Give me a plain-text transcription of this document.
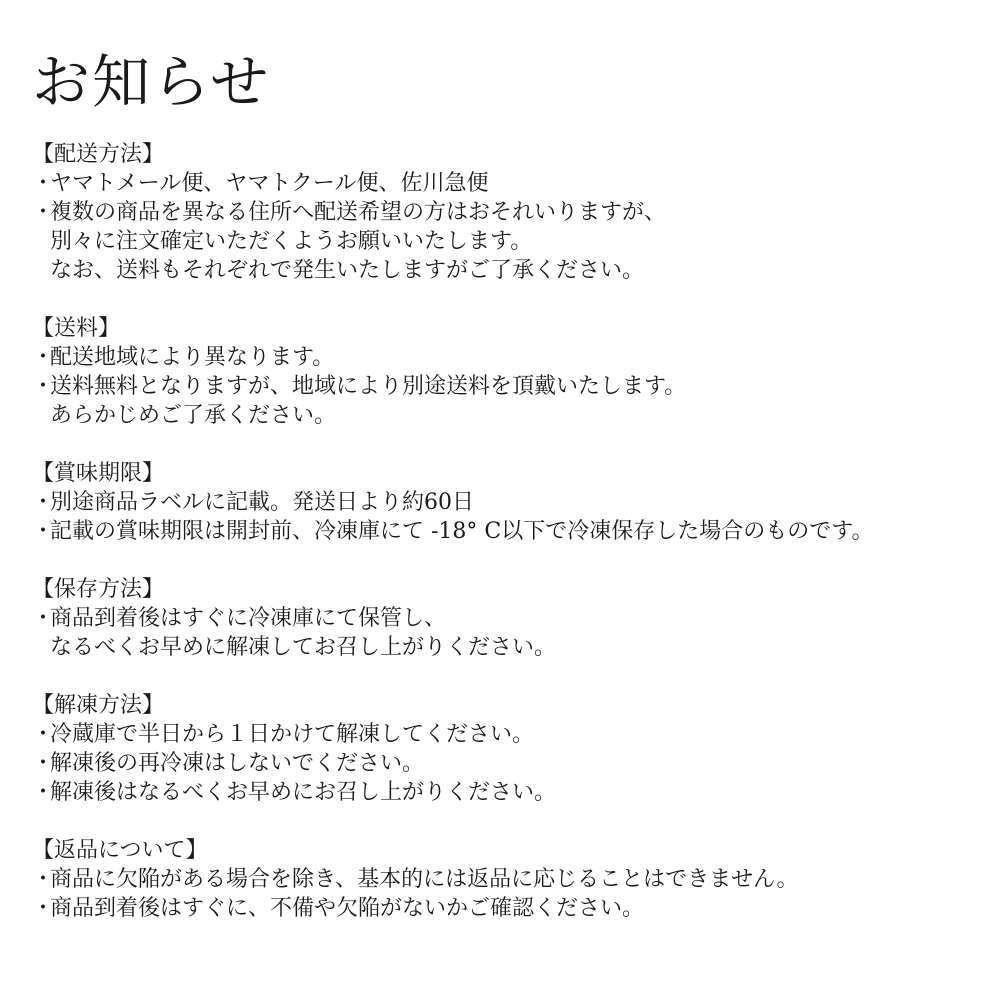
お知らせ
【配送方法】
・ヤマトメール便、ヤマトクール便、佐川急便
・複数の商品を異なる住所へ配送希望の方はおそれいりますが、
別々に注文確定いただくようお願いいたします。
なお、送料もそれぞれで発生いたしますがご了承ください。
【送料】
・配送地域により異なります。
・送料無料となりますが、地域により別途送料を頂戴いたします。
あらかじめご了承ください。
【賞味期限】
・別途商品ラベルに記載。発送日より約60日
・記載の賞味期限は開封前、冷凍庫にて -18° C以下で冷凍保存した場合のものです。
【保存方法】
・商品到着後はすぐに冷凍庫にて保管し、
なるべくお早めに解凍してお召し上がりください。
【解凍方法】
・冷蔵庫で半日から１日かけて解凍してください。
・解凍後の再冷凍はしないでください。
・解凍後はなるべくお早めにお召し上がりください。
【返品について】
・商品に欠陥がある場合を除き、基本的には返品に応じることはできません。
・商品到着後はすぐに、不備や欠陥がないかご確認ください。
